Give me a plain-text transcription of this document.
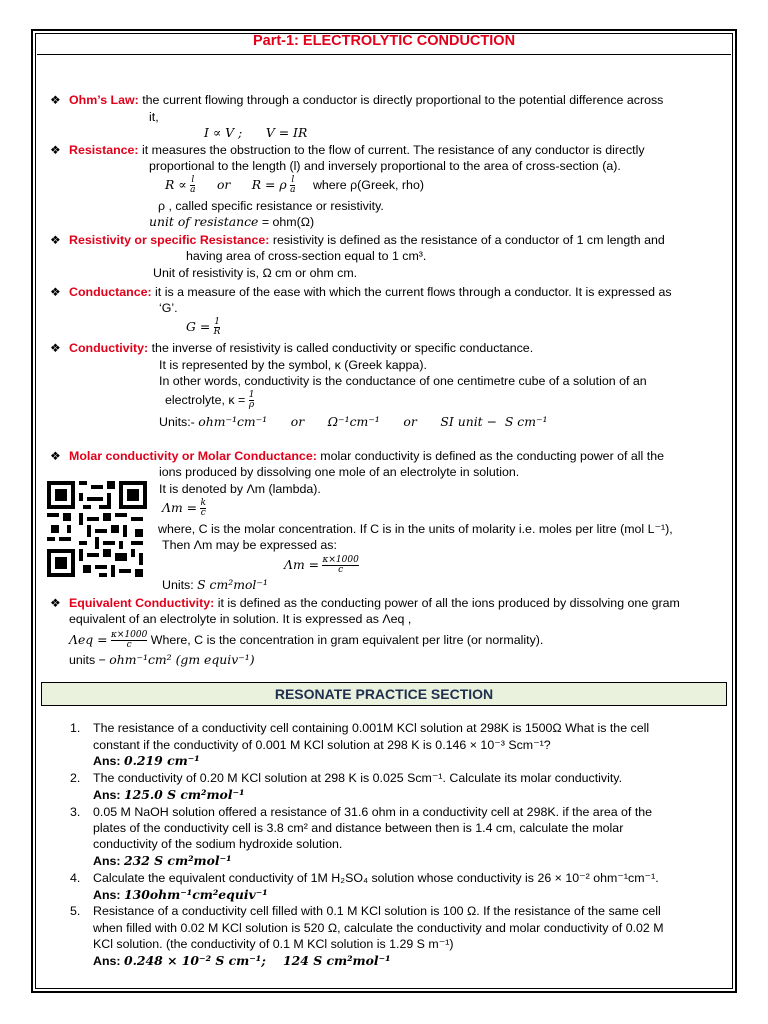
Part-1: ELECTROLYTIC CONDUCTION
❖ Ohm’s Law: the current flowing through a conductor is directly proportional to the potential difference across
it,
I ∝ V ;      V = IR
❖ Resistance: it measures the obstruction to the flow of current. The resistance of any conductor is directly
proportional to the length (l) and inversely proportional to the area of cross-section (a).
$R \propto \frac{l}{a}$ or R = ρ $\frac{l}{a}$ where ρ(Greek, rho)
ρ , called specific resistance or resistivity.
unit of resistance = ohm(Ω)
❖ Resistivity or specific Resistance: resistivity is defined as the resistance of a conductor of 1 cm length and
having area of cross-section equal to 1 cm³.
Unit of resistivity is, Ω cm or ohm cm.
❖ Conductance: it is a measure of the ease with which the current flows through a conductor. It is expressed as
‘G’.
$G = \frac{1}{R}$
❖ Conductivity: the inverse of resistivity is called conductivity or specific conductance.
It is represented by the symbol, κ (Greek kappa).
In other words, conductivity is the conductance of one centimetre cube of a solution of an
electrolyte, $\kappa = \frac{1}{\rho}$
Units:- ohm⁻¹cm⁻¹      or      Ω⁻¹cm⁻¹      or      SI unit −  S cm⁻¹
❖ Molar conductivity or Molar Conductance: molar conductivity is defined as the conducting power of all the
ions produced by dissolving one mole of an electrolyte in solution.
It is denoted by Λm (lambda).
$\Lambda m = \frac{k}{c}$
where, C is the molar concentration. If C is in the units of molarity i.e. moles per litre (mol L⁻¹),
Then Λm may be expressed as:
$\Lambda m = \frac{\kappa\times 1000}{c}$
Units: S cm²mol⁻¹
❖ Equivalent Conductivity: it is defined as the conducting power of all the ions produced by dissolving one gram
equivalent of an electrolyte in solution. It is expressed as Λeq ,
$\Lambda eq = \frac{\kappa\times 1000}{c}$ Where, C is the concentration in gram equivalent per litre (or normality).
units − ohm⁻¹cm² (gm equiv⁻¹)
RESONATE PRACTICE SECTION
1. The resistance of a conductivity cell containing 0.001M KCl solution at 298K is 1500Ω What is the cell
constant if the conductivity of 0.001 M KCl solution at 298 K is 0.146 × 10⁻³ Scm⁻¹?
Ans: 0.219 cm⁻¹
2. The conductivity of 0.20 M KCl solution at 298 K is 0.025 Scm⁻¹. Calculate its molar conductivity.
Ans: 125.0 S cm²mol⁻¹
3. 0.05 M NaOH solution offered a resistance of 31.6 ohm in a conductivity cell at 298K. if the area of the
plates of the conductivity cell is 3.8 cm² and distance between then is 1.4 cm, calculate the molar
conductivity of the sodium hydroxide solution.
Ans: 232 S cm²mol⁻¹
4. Calculate the equivalent conductivity of 1M H₂SO₄ solution whose conductivity is 26 × 10⁻² ohm⁻¹cm⁻¹.
Ans: 130ohm⁻¹cm²equiv⁻¹
5. Resistance of a conductivity cell filled with 0.1 M KCl solution is 100 Ω. If the resistance of the same cell
when filled with 0.02 M KCl solution is 520 Ω, calculate the conductivity and molar conductivity of 0.02 M
KCl solution. (the conductivity of 0.1 M KCl solution is 1.29 S m⁻¹)
Ans: 0.248 × 10⁻² S cm⁻¹;    124 S cm²mol⁻¹
